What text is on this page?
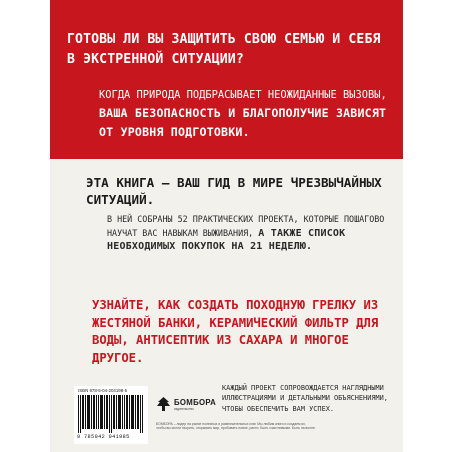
ГОТОВЫ ЛИ ВЫ ЗАЩИТИТЬ СВОЮ СЕМЬЮ И СЕБЯ В ЭКСТРЕННОЙ СИТУАЦИИ?

КОГДА ПРИРОДА ПОДБРАСЫВАЕТ НЕОЖИДАННЫЕ ВЫЗОВЫ, ВАША БЕЗОПАСНОСТЬ И БЛАГОПОЛУЧИЕ ЗАВИСЯТ ОТ УРОВНЯ ПОДГОТОВКИ.

ЭТА КНИГА – ВАШ ГИД В МИРЕ ЧРЕЗВЫЧАЙНЫХ СИТУАЦИЙ.

В НЕЙ СОБРАНЫ 52 ПРАКТИЧЕСКИХ ПРОЕКТА, КОТОРЫЕ ПОШАГОВО НАУЧАТ ВАС НАВЫКАМ ВЫЖИВАНИЯ, А ТАКЖЕ СПИСОК НЕОБХОДИМЫХ ПОКУПОК НА 21 НЕДЕЛЮ.

УЗНАЙТЕ, КАК СОЗДАТЬ ПОХОДНУЮ ГРЕЛКУ ИЗ ЖЕСТЯНОЙ БАНКИ, КЕРАМИЧЕСКИЙ ФИЛЬТР ДЛЯ ВОДЫ, АНТИСЕПТИК ИЗ САХАРА И МНОГОЕ ДРУГОЕ.

КАЖДЫЙ ПРОЕКТ СОПРОВОЖДАЕТСЯ НАГЛЯДНЫМИ ИЛЛЮСТРАЦИЯМИ И ДЕТАЛЬНЫМИ ОБЪЯСНЕНИЯМИ, ЧТОБЫ ОБЕСПЕЧИТЬ ВАМ УСПЕХ.

ISBN 978-5-04-204198-5
9 785042 041985
БОМБОРА
издательство

БОМБОРА – лидер на рынке полезных и развлекательных книг. Мы любим книги и создаем их, чтобы вы могли творить, открывать мир, пробовать новое, расти. Быть счастливыми. Быть на волне.
